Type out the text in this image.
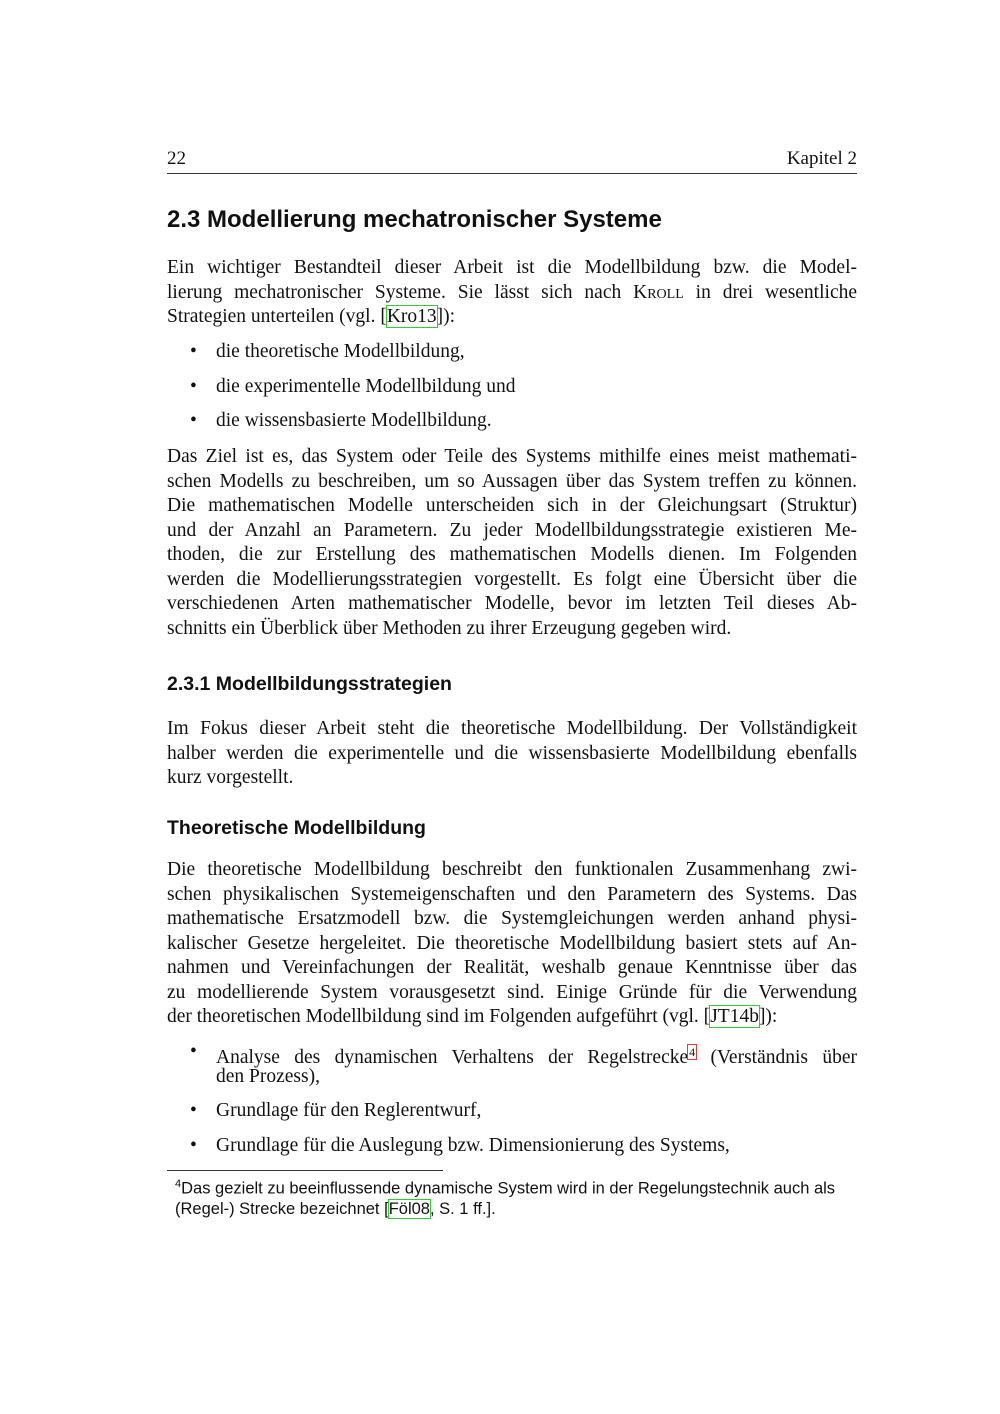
22	Kapitel 2
2.3 Modellierung mechatronischer Systeme
Ein wichtiger Bestandteil dieser Arbeit ist die Modellbildung bzw. die Model-
lierung mechatronischer Systeme. Sie lässt sich nach Kroll in drei wesentliche
Strategien unterteilen (vgl. [Kro13]):
• die theoretische Modellbildung,
• die experimentelle Modellbildung und
• die wissensbasierte Modellbildung.
Das Ziel ist es, das System oder Teile des Systems mithilfe eines meist mathemati-
schen Modells zu beschreiben, um so Aussagen über das System treffen zu können.
Die mathematischen Modelle unterscheiden sich in der Gleichungsart (Struktur)
und der Anzahl an Parametern. Zu jeder Modellbildungsstrategie existieren Me-
thoden, die zur Erstellung des mathematischen Modells dienen. Im Folgenden
werden die Modellierungsstrategien vorgestellt. Es folgt eine Übersicht über die
verschiedenen Arten mathematischer Modelle, bevor im letzten Teil dieses Ab-
schnitts ein Überblick über Methoden zu ihrer Erzeugung gegeben wird.
2.3.1 Modellbildungsstrategien
Im Fokus dieser Arbeit steht die theoretische Modellbildung. Der Vollständigkeit
halber werden die experimentelle und die wissensbasierte Modellbildung ebenfalls
kurz vorgestellt.
Theoretische Modellbildung
Die theoretische Modellbildung beschreibt den funktionalen Zusammenhang zwi-
schen physikalischen Systemeigenschaften und den Parametern des Systems. Das
mathematische Ersatzmodell bzw. die Systemgleichungen werden anhand physi-
kalischer Gesetze hergeleitet. Die theoretische Modellbildung basiert stets auf An-
nahmen und Vereinfachungen der Realität, weshalb genaue Kenntnisse über das
zu modellierende System vorausgesetzt sind. Einige Gründe für die Verwendung
der theoretischen Modellbildung sind im Folgenden aufgeführt (vgl. [JT14b]):
• Analyse des dynamischen Verhaltens der Regelstrecke$^4$ (Verständnis über
den Prozess),
• Grundlage für den Reglerentwurf,
• Grundlage für die Auslegung bzw. Dimensionierung des Systems,
$^4$Das gezielt zu beeinflussende dynamische System wird in der Regelungstechnik auch als (Regel-) Strecke bezeichnet [Föl08, S. 1 ff.].
